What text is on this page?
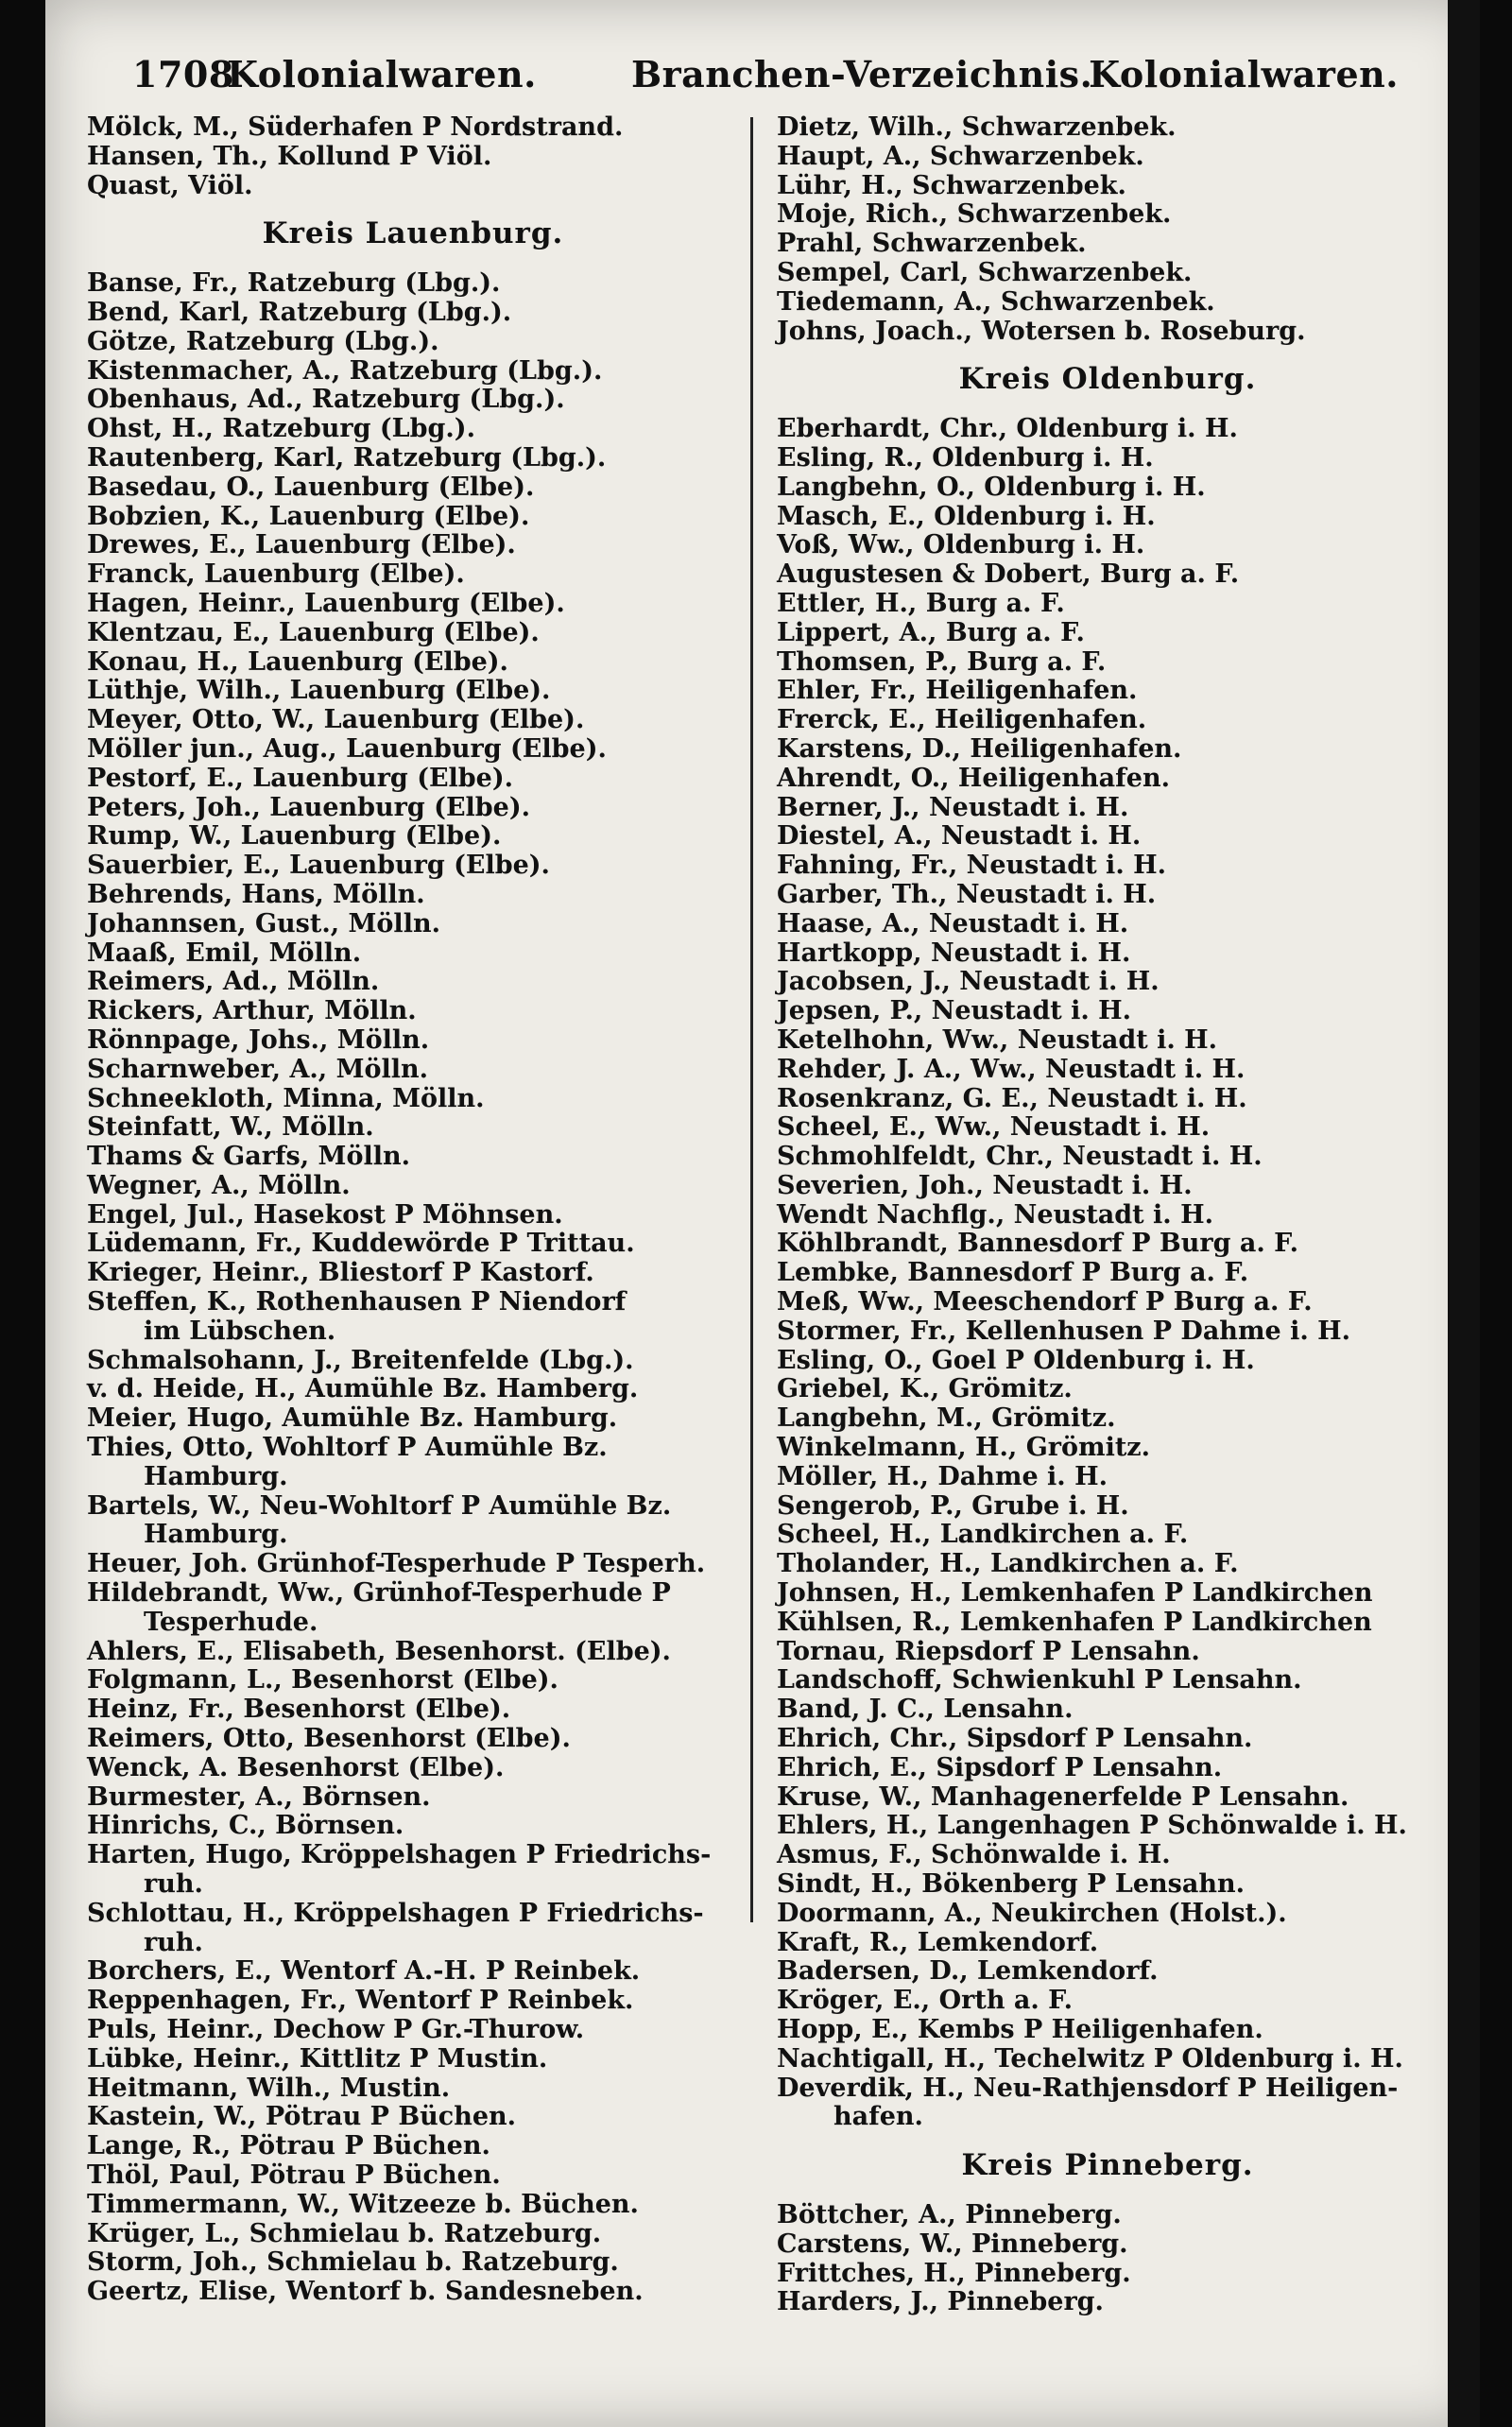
1708
Kolonialwaren.	Branchen-Verzeichnis.
Kolonialwaren.
Mölck, M., Süderhafen P Nordstrand.
Hansen, Th., Kollund P Viöl.
Quast, Viöl.
Kreis Lauenburg.
Banse, Fr., Ratzeburg (Lbg.).
Bend, Karl, Ratzeburg (Lbg.).
Götze, Ratzeburg (Lbg.).
Kistenmacher, A., Ratzeburg (Lbg.).
Obenhaus, Ad., Ratzeburg (Lbg.).
Ohst, H., Ratzeburg (Lbg.).
Rautenberg, Karl, Ratzeburg (Lbg.).
Basedau, O., Lauenburg (Elbe).
Bobzien, K., Lauenburg (Elbe).
Drewes, E., Lauenburg (Elbe).
Franck, Lauenburg (Elbe).
Hagen, Heinr., Lauenburg (Elbe).
Klentzau, E., Lauenburg (Elbe).
Konau, H., Lauenburg (Elbe).
Lüthje, Wilh., Lauenburg (Elbe).
Meyer, Otto, W., Lauenburg (Elbe).
Möller jun., Aug., Lauenburg (Elbe).
Pestorf, E., Lauenburg (Elbe).
Peters, Joh., Lauenburg (Elbe).
Rump, W., Lauenburg (Elbe).
Sauerbier, E., Lauenburg (Elbe).
Behrends, Hans, Mölln.
Johannsen, Gust., Mölln.
Maaß, Emil, Mölln.
Reimers, Ad., Mölln.
Rickers, Arthur, Mölln.
Rönnpage, Johs., Mölln.
Scharnweber, A., Mölln.
Schneekloth, Minna, Mölln.
Steinfatt, W., Mölln.
Thams & Garfs, Mölln.
Wegner, A., Mölln.
Engel, Jul., Hasekost P Möhnsen.
Lüdemann, Fr., Kuddewörde P Trittau.
Krieger, Heinr., Bliestorf P Kastorf.
Steffen, K., Rothenhausen P Niendorf
im Lübschen.
Schmalsohann, J., Breitenfelde (Lbg.).
v. d. Heide, H., Aumühle Bz. Hamberg.
Meier, Hugo, Aumühle Bz. Hamburg.
Thies, Otto, Wohltorf P Aumühle Bz.
Hamburg.
Bartels, W., Neu-Wohltorf P Aumühle Bz.
Hamburg.
Heuer, Joh. Grünhof-Tesperhude P Tesperh.
Hildebrandt, Ww., Grünhof-Tesperhude P
Tesperhude.
Ahlers, E., Elisabeth, Besenhorst. (Elbe).
Folgmann, L., Besenhorst (Elbe).
Heinz, Fr., Besenhorst (Elbe).
Reimers, Otto, Besenhorst (Elbe).
Wenck, A. Besenhorst (Elbe).
Burmester, A., Börnsen.
Hinrichs, C., Börnsen.
Harten, Hugo, Kröppelshagen P Friedrichs-
ruh.
Schlottau, H., Kröppelshagen P Friedrichs-
ruh.
Borchers, E., Wentorf A.-H. P Reinbek.
Reppenhagen, Fr., Wentorf P Reinbek.
Puls, Heinr., Dechow P Gr.-Thurow.
Lübke, Heinr., Kittlitz P Mustin.
Heitmann, Wilh., Mustin.
Kastein, W., Pötrau P Büchen.
Lange, R., Pötrau P Büchen.
Thöl, Paul, Pötrau P Büchen.
Timmermann, W., Witzeeze b. Büchen.
Krüger, L., Schmielau b. Ratzeburg.
Storm, Joh., Schmielau b. Ratzeburg.
Geertz, Elise, Wentorf b. Sandesneben.
Dietz, Wilh., Schwarzenbek.
Haupt, A., Schwarzenbek.
Lühr, H., Schwarzenbek.
Moje, Rich., Schwarzenbek.
Prahl, Schwarzenbek.
Sempel, Carl, Schwarzenbek.
Tiedemann, A., Schwarzenbek.
Johns, Joach., Wotersen b. Roseburg.
Kreis Oldenburg.
Eberhardt, Chr., Oldenburg i. H.
Esling, R., Oldenburg i. H.
Langbehn, O., Oldenburg i. H.
Masch, E., Oldenburg i. H.
Voß, Ww., Oldenburg i. H.
Augustesen & Dobert, Burg a. F.
Ettler, H., Burg a. F.
Lippert, A., Burg a. F.
Thomsen, P., Burg a. F.
Ehler, Fr., Heiligenhafen.
Frerck, E., Heiligenhafen.
Karstens, D., Heiligenhafen.
Ahrendt, O., Heiligenhafen.
Berner, J., Neustadt i. H.
Diestel, A., Neustadt i. H.
Fahning, Fr., Neustadt i. H.
Garber, Th., Neustadt i. H.
Haase, A., Neustadt i. H.
Hartkopp, Neustadt i. H.
Jacobsen, J., Neustadt i. H.
Jepsen, P., Neustadt i. H.
Ketelhohn, Ww., Neustadt i. H.
Rehder, J. A., Ww., Neustadt i. H.
Rosenkranz, G. E., Neustadt i. H.
Scheel, E., Ww., Neustadt i. H.
Schmohlfeldt, Chr., Neustadt i. H.
Severien, Joh., Neustadt i. H.
Wendt Nachflg., Neustadt i. H.
Köhlbrandt, Bannesdorf P Burg a. F.
Lembke, Bannesdorf P Burg a. F.
Meß, Ww., Meeschendorf P Burg a. F.
Stormer, Fr., Kellenhusen P Dahme i. H.
Esling, O., Goel P Oldenburg i. H.
Griebel, K., Grömitz.
Langbehn, M., Grömitz.
Winkelmann, H., Grömitz.
Möller, H., Dahme i. H.
Sengerob, P., Grube i. H.
Scheel, H., Landkirchen a. F.
Tholander, H., Landkirchen a. F.
Johnsen, H., Lemkenhafen P Landkirchen
Kühlsen, R., Lemkenhafen P Landkirchen
Tornau, Riepsdorf P Lensahn.
Landschoff, Schwienkuhl P Lensahn.
Band, J. C., Lensahn.
Ehrich, Chr., Sipsdorf P Lensahn.
Ehrich, E., Sipsdorf P Lensahn.
Kruse, W., Manhagenerfelde P Lensahn.
Ehlers, H., Langenhagen P Schönwalde i. H.
Asmus, F., Schönwalde i. H.
Sindt, H., Bökenberg P Lensahn.
Doormann, A., Neukirchen (Holst.).
Kraft, R., Lemkendorf.
Badersen, D., Lemkendorf.
Kröger, E., Orth a. F.
Hopp, E., Kembs P Heiligenhafen.
Nachtigall, H., Techelwitz P Oldenburg i. H.
Deverdik, H., Neu-Rathjensdorf P Heiligen-
hafen.
Kreis Pinneberg.
Böttcher, A., Pinneberg.
Carstens, W., Pinneberg.
Frittches, H., Pinneberg.
Harders, J., Pinneberg.
